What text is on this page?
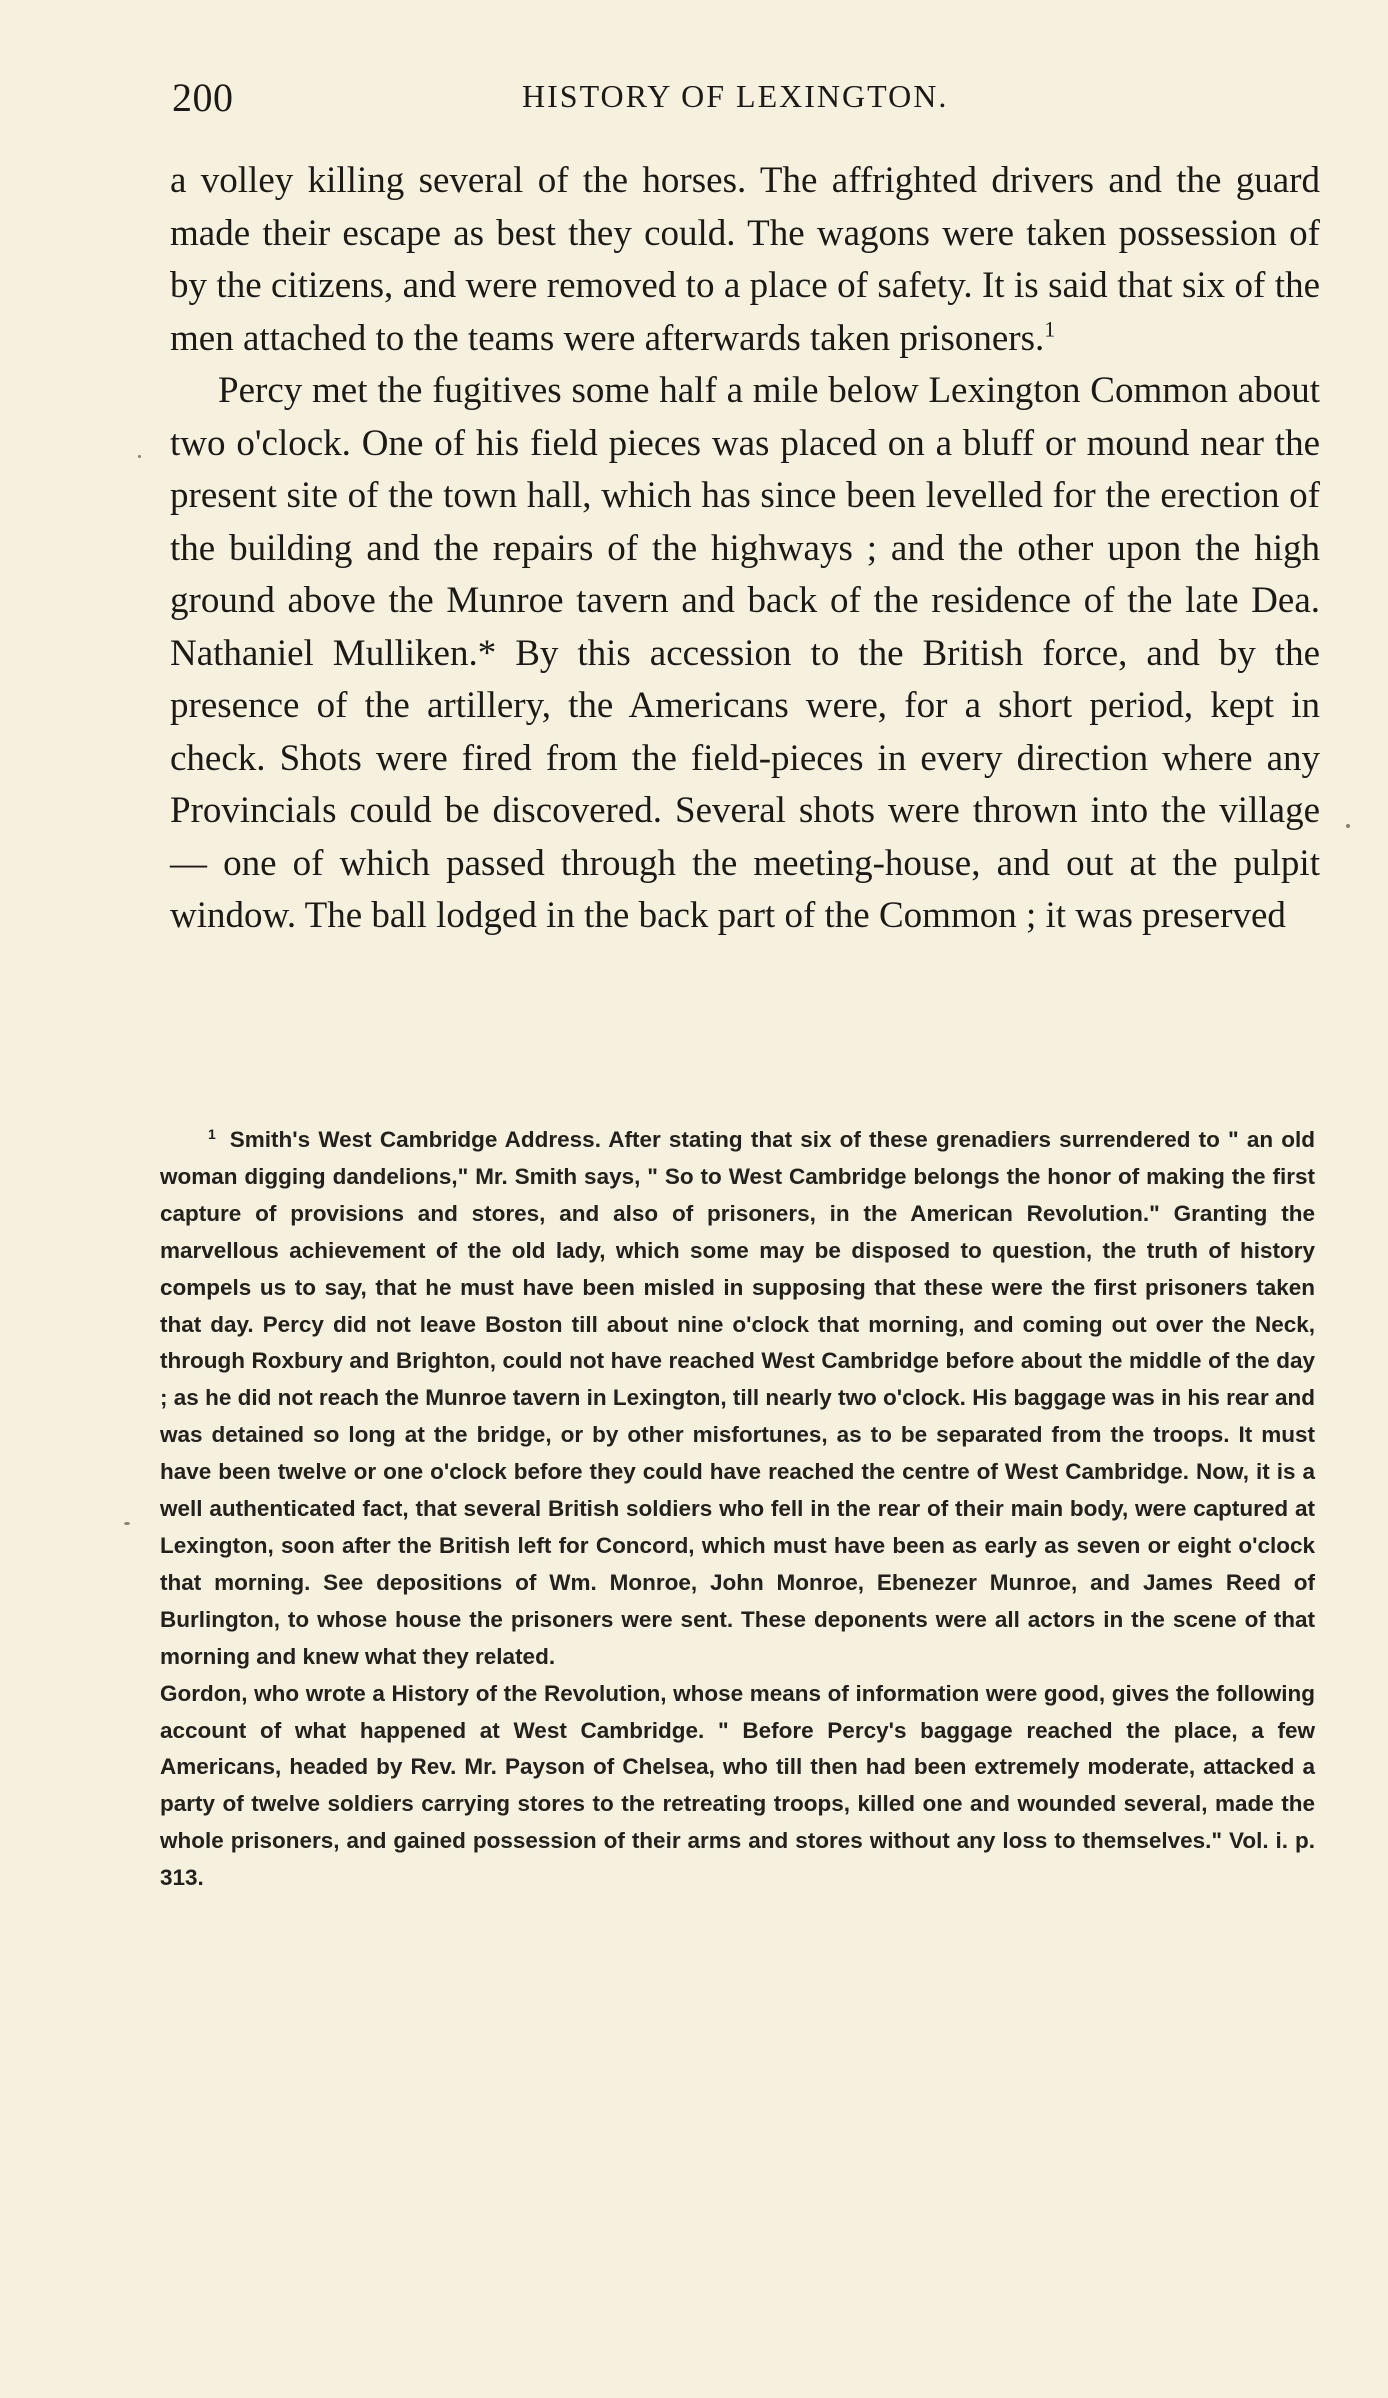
200	HISTORY OF LEXINGTON.

a volley killing several of the horses. The affrighted drivers and the guard made their escape as best they could. The wagons were taken possession of by the citizens, and were removed to a place of safety. It is said that six of the men attached to the teams were afterwards taken prisoners.$^1$

Percy met the fugitives some half a mile below Lexington Common about two o'clock. One of his field pieces was placed on a bluff or mound near the present site of the town hall, which has since been levelled for the erection of the building and the repairs of the highways ; and the other upon the high ground above the Munroe tavern and back of the residence of the late Dea. Nathaniel Mulliken.* By this accession to the British force, and by the presence of the artillery, the Americans were, for a short period, kept in check. Shots were fired from the field-pieces in every direction where any Provincials could be discovered. Several shots were thrown into the village — one of which passed through the meeting-house, and out at the pulpit window. The ball lodged in the back part of the Common ; it was preserved

$^1$ Smith's West Cambridge Address. After stating that six of these grenadiers surrendered to " an old woman digging dandelions," Mr. Smith says, " So to West Cambridge belongs the honor of making the first capture of provisions and stores, and also of prisoners, in the American Revolution." Granting the marvellous achievement of the old lady, which some may be disposed to question, the truth of history compels us to say, that he must have been misled in supposing that these were the first prisoners taken that day. Percy did not leave Boston till about nine o'clock that morning, and coming out over the Neck, through Roxbury and Brighton, could not have reached West Cambridge before about the middle of the day ; as he did not reach the Munroe tavern in Lexington, till nearly two o'clock. His baggage was in his rear and was detained so long at the bridge, or by other misfortunes, as to be separated from the troops. It must have been twelve or one o'clock before they could have reached the centre of West Cambridge. Now, it is a well authenticated fact, that several British soldiers who fell in the rear of their main body, were captured at Lexington, soon after the British left for Concord, which must have been as early as seven or eight o'clock that morning. See depositions of Wm. Monroe, John Monroe, Ebenezer Munroe, and James Reed of Burlington, to whose house the prisoners were sent. These deponents were all actors in the scene of that morning and knew what they related.

Gordon, who wrote a History of the Revolution, whose means of information were good, gives the following account of what happened at West Cambridge. " Before Percy's baggage reached the place, a few Americans, headed by Rev. Mr. Payson of Chelsea, who till then had been extremely moderate, attacked a party of twelve soldiers carrying stores to the retreating troops, killed one and wounded several, made the whole prisoners, and gained possession of their arms and stores without any loss to themselves." Vol. i. p. 313.
